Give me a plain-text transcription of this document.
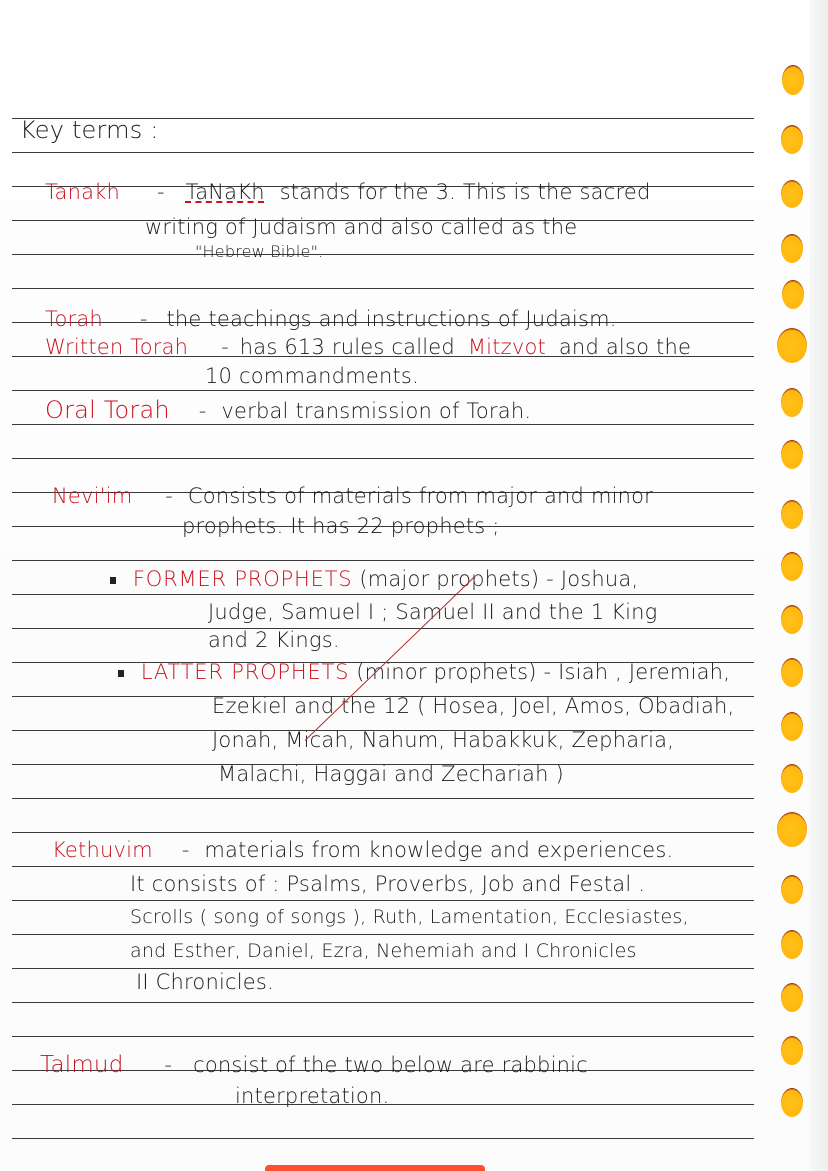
Key terms :
Tanakh - TaNaKh stands for the 3. This is the sacred
writing of Judaism and also called as the
"Hebrew Bible".
Torah - the teachings and instructions of Judaism.
Written Torah - has 613 rules called Mitzvot and also the
10 commandments.
Oral Torah - verbal transmission of Torah.
Nevi'im - Consists of materials from major and minor
prophets. It has 22 prophets ;
FORMER PROPHETS (major prophets) - Joshua,
Judge, Samuel I ; Samuel II and the 1 King
and 2 Kings.
LATTER PROPHETS (minor prophets) - Isiah , Jeremiah,
Ezekiel and the 12 ( Hosea, Joel, Amos, Obadiah,
Jonah, Micah, Nahum, Habakkuk, Zepharia,
Malachi, Haggai and Zechariah )
Kethuvim - materials from knowledge and experiences.
It consists of : Psalms, Proverbs, Job and Festal .
Scrolls ( song of songs ), Ruth, Lamentation, Ecclesiastes,
and Esther, Daniel, Ezra, Nehemiah and I Chronicles
II Chronicles.
Talmud - consist of the two below are rabbinic
interpretation.
